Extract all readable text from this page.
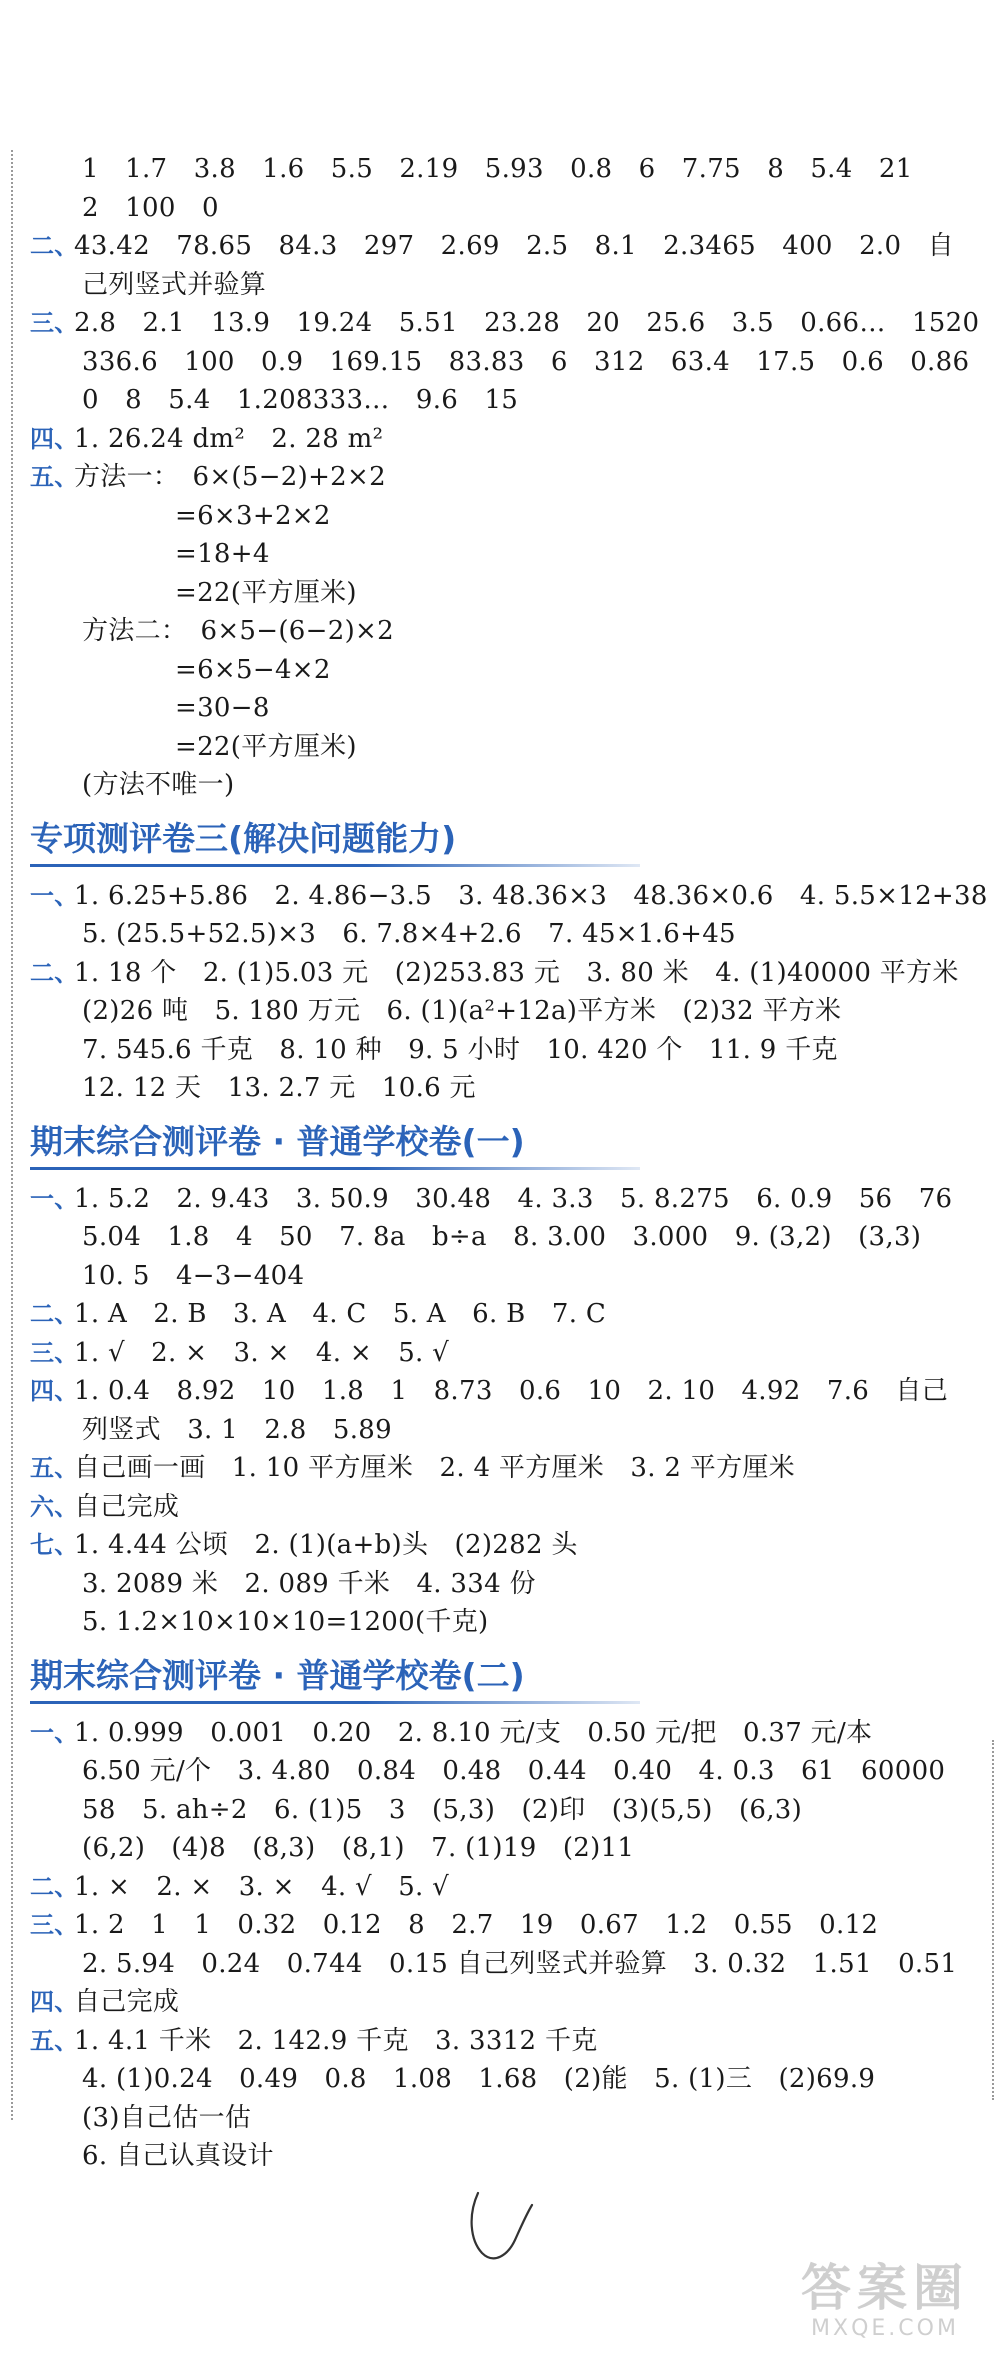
1　1.7　3.8　1.6　5.5　2.19　5.93　0.8　6　7.75　8　5.4　21
2　100　0
二、43.42　78.65　84.3　297　2.69　2.5　8.1　2.3465　400　2.0　自
己列竖式并验算
三、2.8　2.1　13.9　19.24　5.51　23.28　20　25.6　3.5　0.66…　1520
336.6　100　0.9　169.15　83.83　6　312　63.4　17.5　0.6　0.86
0　8　5.4　1.208333…　9.6　15
四、1. 26.24 dm²　2. 28 m²
五、方法一：　6×(5−2)+2×2
=6×3+2×2
=18+4
=22(平方厘米)
方法二：　6×5−(6−2)×2
=6×5−4×2
=30−8
=22(平方厘米)
(方法不唯一)
专项测评卷三(解决问题能力)
一、1. 6.25+5.86　2. 4.86−3.5　3. 48.36×3　48.36×0.6　4. 5.5×12+38
5. (25.5+52.5)×3　6. 7.8×4+2.6　7. 45×1.6+45
二、1. 18 个　2. (1)5.03 元　(2)253.83 元　3. 80 米　4. (1)40000 平方米
(2)26 吨　5. 180 万元　6. (1)(a²+12a)平方米　(2)32 平方米
7. 545.6 千克　8. 10 种　9. 5 小时　10. 420 个　11. 9 千克
12. 12 天　13. 2.7 元　10.6 元
期末综合测评卷 · 普通学校卷(一)
一、1. 5.2　2. 9.43　3. 50.9　30.48　4. 3.3　5. 8.275　6. 0.9　56　76
5.04　1.8　4　50　7. 8a　b÷a　8. 3.00　3.000　9. (3,2)　(3,3)
10. 5　4−3−404
二、1. A　2. B　3. A　4. C　5. A　6. B　7. C
三、1. √　2. ×　3. ×　4. ×　5. √
四、1. 0.4　8.92　10　1.8　1　8.73　0.6　10　2. 10　4.92　7.6　自己
列竖式　3. 1　2.8　5.89
五、自己画一画　1. 10 平方厘米　2. 4 平方厘米　3. 2 平方厘米
六、自己完成
七、1. 4.44 公顷　2. (1)(a+b)头　(2)282 头
3. 2089 米　2. 089 千米　4. 334 份
5. 1.2×10×10×10=1200(千克)
期末综合测评卷 · 普通学校卷(二)
一、1. 0.999　0.001　0.20　2. 8.10 元/支　0.50 元/把　0.37 元/本
6.50 元/个　3. 4.80　0.84　0.48　0.44　0.40　4. 0.3　61　60000
58　5. ah÷2　6. (1)5　3　(5,3)　(2)印　(3)(5,5)　(6,3)
(6,2)　(4)8　(8,3)　(8,1)　7. (1)19　(2)11
二、1. ×　2. ×　3. ×　4. √　5. √
三、1. 2　1　1　0.32　0.12　8　2.7　19　0.67　1.2　0.55　0.12
2. 5.94　0.24　0.744　0.15 自己列竖式并验算　3. 0.32　1.51　0.51
四、自己完成
五、1. 4.1 千米　2. 142.9 千克　3. 3312 千克
4. (1)0.24　0.49　0.8　1.08　1.68　(2)能　5. (1)三　(2)69.9
(3)自己估一估
6. 自己认真设计
答案圈
MXQE.COM
